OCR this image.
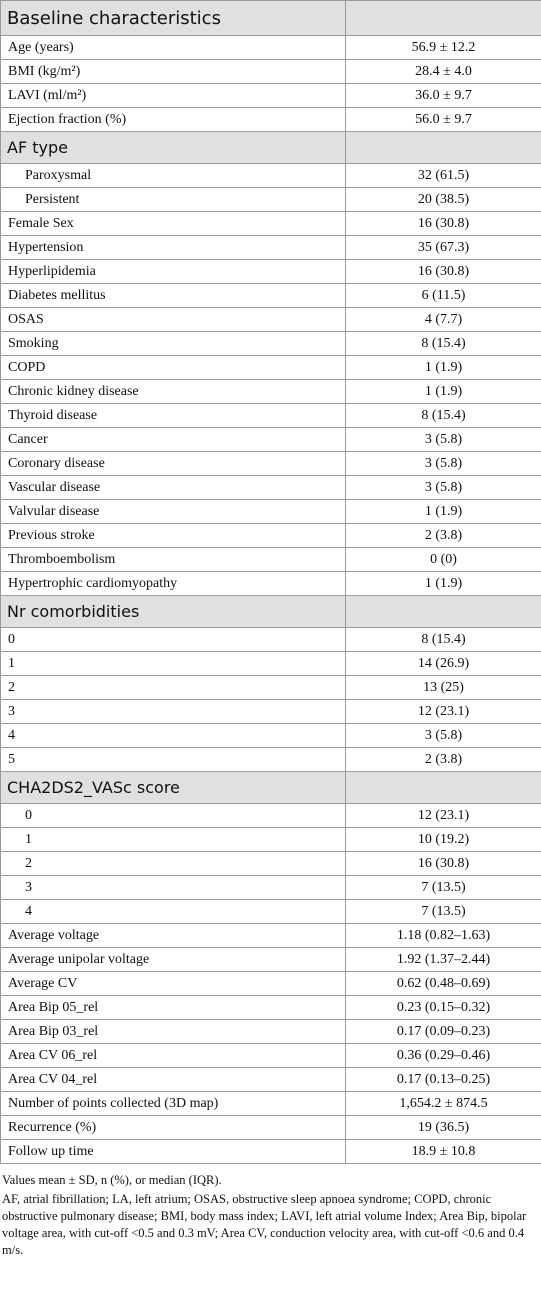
Baseline characteristics	
Age (years)	56.9 ± 12.2
BMI (kg/m²)	28.4 ± 4.0
LAVI (ml/m²)	36.0 ± 9.7
Ejection fraction (%)	56.0 ± 9.7
AF type	
Paroxysmal	32 (61.5)
Persistent	20 (38.5)
Female Sex	16 (30.8)
Hypertension	35 (67.3)
Hyperlipidemia	16 (30.8)
Diabetes mellitus	6 (11.5)
OSAS	4 (7.7)
Smoking	8 (15.4)
COPD	1 (1.9)
Chronic kidney disease	1 (1.9)
Thyroid disease	8 (15.4)
Cancer	3 (5.8)
Coronary disease	3 (5.8)
Vascular disease	3 (5.8)
Valvular disease	1 (1.9)
Previous stroke	2 (3.8)
Thromboembolism	0 (0)
Hypertrophic cardiomyopathy	1 (1.9)
Nr comorbidities	
0	8 (15.4)
1	14 (26.9)
2	13 (25)
3	12 (23.1)
4	3 (5.8)
5	2 (3.8)
CHA2DS2_VASc score	
0	12 (23.1)
1	10 (19.2)
2	16 (30.8)
3	7 (13.5)
4	7 (13.5)
Average voltage	1.18 (0.82–1.63)
Average unipolar voltage	1.92 (1.37–2.44)
Average CV	0.62 (0.48–0.69)
Area Bip 05_rel	0.23 (0.15–0.32)
Area Bip 03_rel	0.17 (0.09–0.23)
Area CV 06_rel	0.36 (0.29–0.46)
Area CV 04_rel	0.17 (0.13–0.25)
Number of points collected (3D map)	1,654.2 ± 874.5
Recurrence (%)	19 (36.5)
Follow up time	18.9 ± 10.8

Values mean ± SD, n (%), or median (IQR).

AF, atrial fibrillation; LA, left atrium; OSAS, obstructive sleep apnoea syndrome; COPD, chronic obstructive pulmonary disease; BMI, body mass index; LAVI, left atrial volume Index; Area Bip, bipolar voltage area, with cut-off <0.5 and 0.3 mV; Area CV, conduction velocity area, with cut-off <0.6 and 0.4 m/s.
